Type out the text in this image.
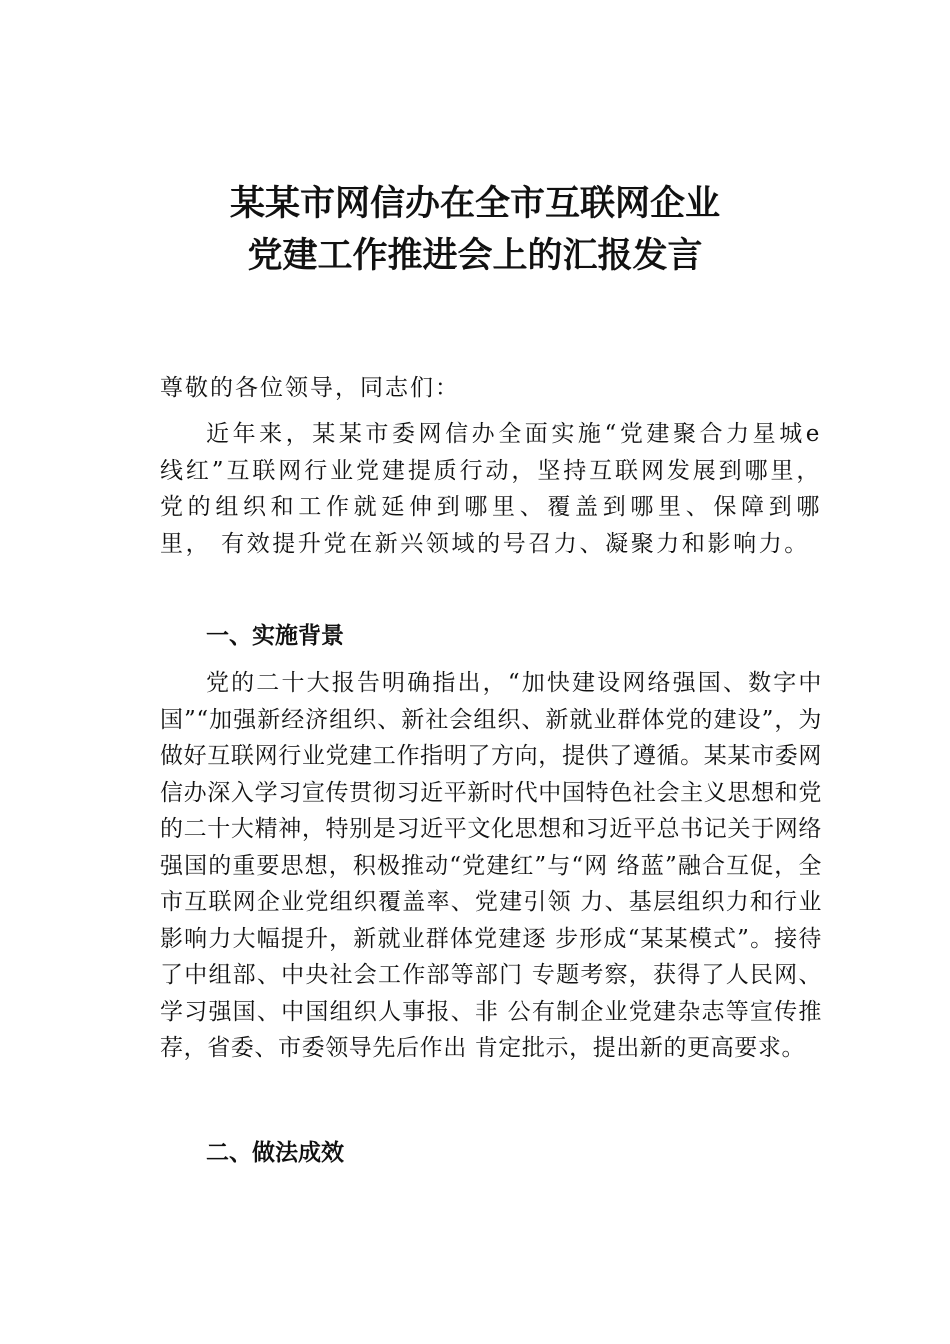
某某市网信办在全市互联网企业
党建工作推进会上的汇报发言
尊敬的各位领导，同志们：

近年来，某某市委网信办全面实施“党建聚合力星城e线红”互联网行业党建提质行动，坚持互联网发展到哪里， 党的组织和工作就延伸到哪里、覆盖到哪里、保障到哪里， 有效提升党在新兴领域的号召力、凝聚力和影响力。

一、实施背景

党的二十大报告明确指出，“加快建设网络强国、数字中国”“加强新经济组织、新社会组织、新就业群体党的建设”，为做好互联网行业党建工作指明了方向，提供了遵循。某某市委网信办深入学习宣传贯彻习近平新时代中国特色社会主义思想和党的二十大精神，特别是习近平文化思想和习近平总书记关于网络强国的重要思想，积极推动“党建红”与“网 络蓝”融合互促，全市互联网企业党组织覆盖率、党建引领 力、基层组织力和行业影响力大幅提升，新就业群体党建逐 步形成“某某模式”。接待了中组部、中央社会工作部等部门 专题考察，获得了人民网、学习强国、中国组织人事报、非 公有制企业党建杂志等宣传推荐，省委、市委领导先后作出 肯定批示，提出新的更高要求。

二、做法成效
